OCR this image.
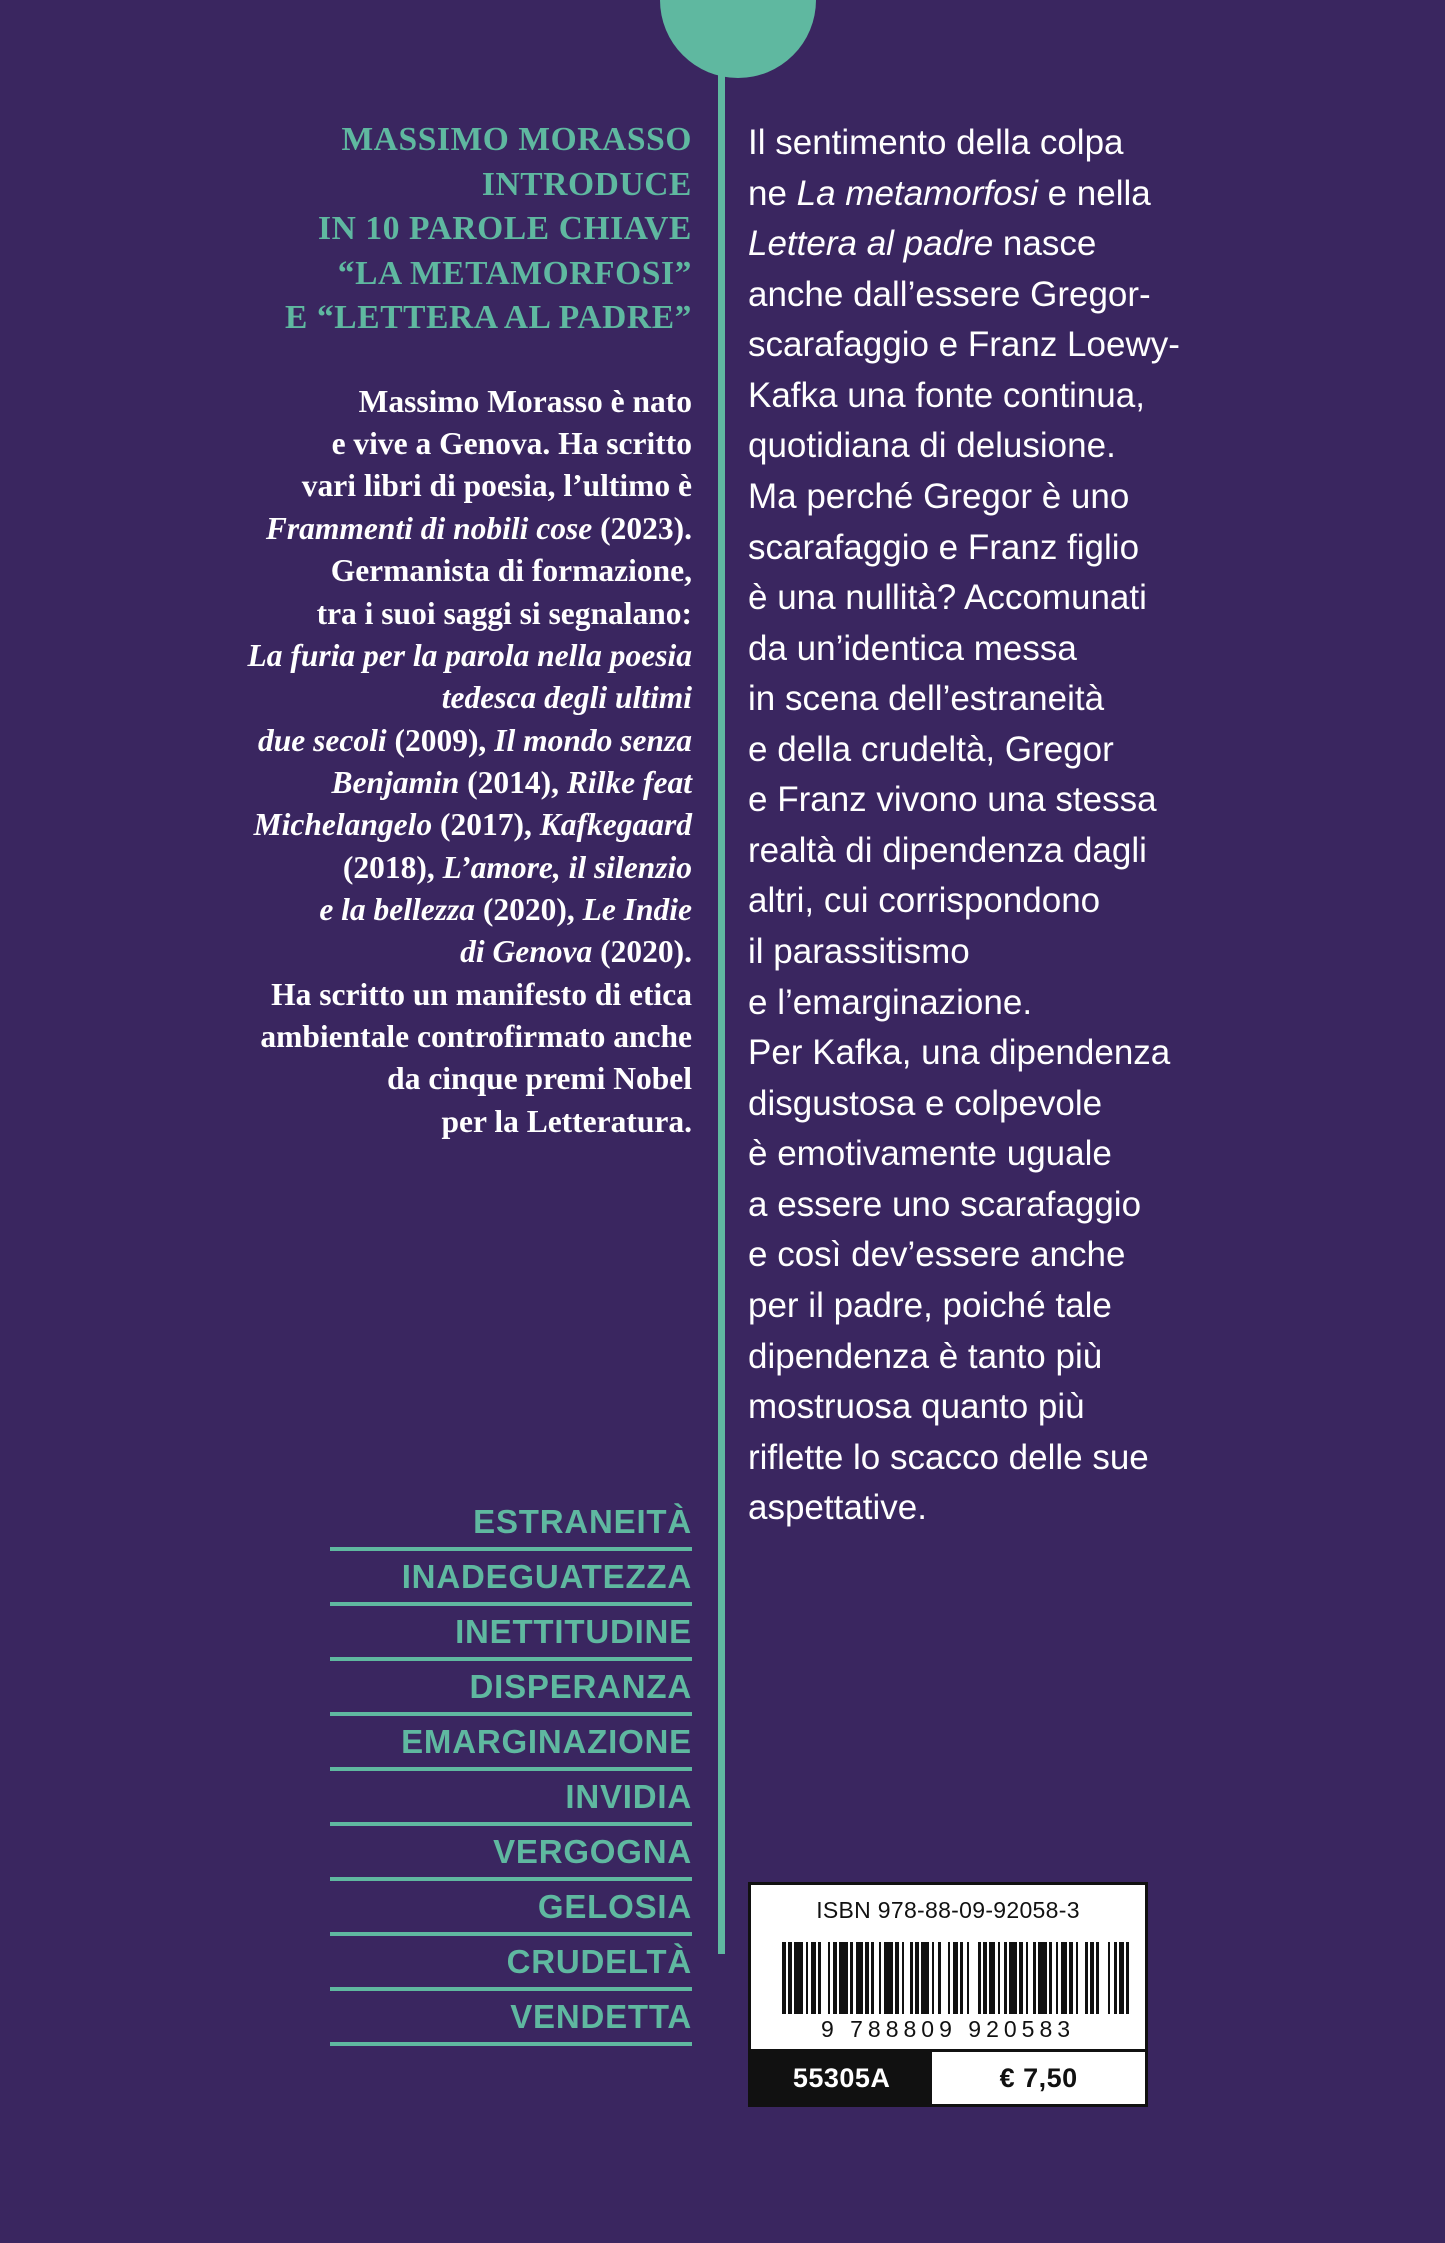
MASSIMO MORASSO
INTRODUCE
IN 10 PAROLE CHIAVE
“LA METAMORFOSI”
E “LETTERA AL PADRE”
Massimo Morasso è nato
e vive a Genova. Ha scritto
vari libri di poesia, l’ultimo è
Frammenti di nobili cose (2023).
Germanista di formazione,
tra i suoi saggi si segnalano:
La furia per la parola nella poesia
tedesca degli ultimi
due secoli (2009), Il mondo senza
Benjamin (2014), Rilke feat
Michelangelo (2017), Kafkegaard
(2018), L’amore, il silenzio
e la bellezza (2020), Le Indie
di Genova (2020).
Ha scritto un manifesto di etica
ambientale controfirmato anche
da cinque premi Nobel
per la Letteratura.
ESTRANEITÀ
INADEGUATEZZA
INETTITUDINE
DISPERANZA
EMARGINAZIONE
INVIDIA
VERGOGNA
GELOSIA
CRUDELTÀ
VENDETTA
Il sentimento della colpa
ne La metamorfosi e nella
Lettera al padre nasce
anche dall’essere Gregor-
scarafaggio e Franz Loewy-
Kafka una fonte continua,
quotidiana di delusione.
Ma perché Gregor è uno
scarafaggio e Franz figlio
è una nullità? Accomunati
da un’identica messa
in scena dell’estraneità
e della crudeltà, Gregor
e Franz vivono una stessa
realtà di dipendenza dagli
altri, cui corrispondono
il parassitismo
e l’emarginazione.
Per Kafka, una dipendenza
disgustosa e colpevole
è emotivamente uguale
a essere uno scarafaggio
e così dev’essere anche
per il padre, poiché tale
dipendenza è tanto più
mostruosa quanto più
riflette lo scacco delle sue
aspettative.
ISBN 978-88-09-92058-3
9 788809 920583
55305A	€ 7,50
